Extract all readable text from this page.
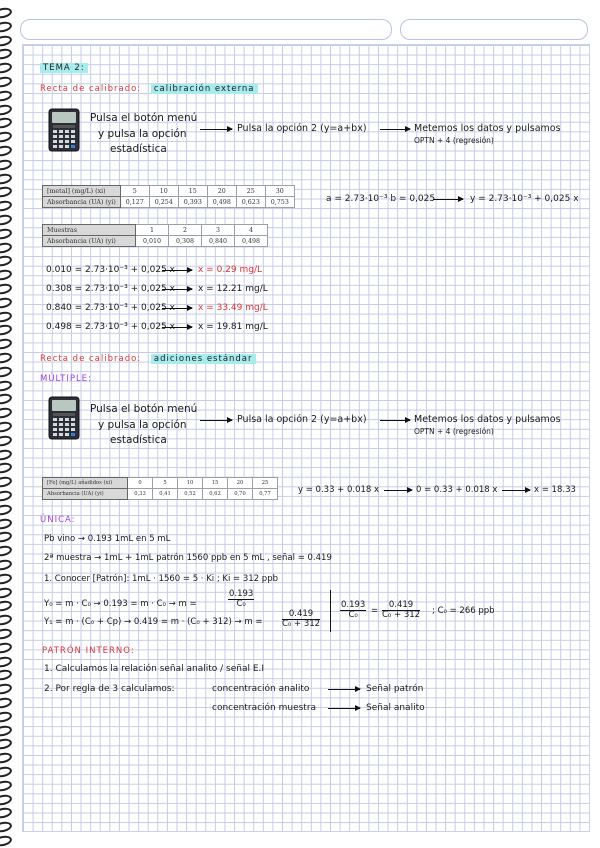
TEMA 2:
Recta de calibrado: calibración externa
Pulsa el botón menú
y pulsa la opción
estadística
Pulsa la opción 2 (y=a+bx)	Metemos los datos y pulsamos
OPTN + 4 (regresión)
[metal] (mg/L) (xi)	5	10	15	20	25	30
Absorbancia (UA) (yi)	0,127	0,254	0,393	0,498	0,623	0,753	a = 2.73·10⁻³ b = 0,025	y = 2.73·10⁻³ + 0,025 x
Muestras	1	2	3	4
Absorbancia (UA) (yi)	0,010	0,308	0,840	0,498
0.010 = 2.73·10⁻³ + 0,025 x	x = 0.29 mg/L
0.308 = 2.73·10⁻³ + 0,025 x	x = 12.21 mg/L
0.840 = 2.73·10⁻³ + 0,025 x	x = 33.49 mg/L
0.498 = 2.73·10⁻³ + 0,025 x	x = 19.81 mg/L
Recta de calibrado: adiciones estándar
MÚLTIPLE:
Pulsa el botón menú
y pulsa la opción
estadística
Pulsa la opción 2 (y=a+bx)	Metemos los datos y pulsamos
OPTN + 4 (regresión)
[Fe] (mg/L) añadidos (xi)	0	5	10	15	20	25
Absorbancia (UA) (yi)	0,33	0,41	0,52	0,62	0,70	0,77	y = 0.33 + 0.018 x	0 = 0.33 + 0.018 x	x = 18.33
ÚNICA:
Pb vino → 0.193 1mL en 5 mL
2ª muestra → 1mL + 1mL patrón 1560 ppb en 5 mL , señal = 0.419
1. Conocer [Patrón]: 1mL · 1560 = 5 · Ki ; Ki = 312 ppb
Y₀ = m · C₀ → 0.193 = m · C₀ → m =	$\frac{0.193}{\text{C₀}}$
$Y_1 = m \cdot (C_0 + Cp) \to 0.419 = m \cdot (C_0 + 312) \to m = \frac{0.419}{\text{C₀ + 312}} \frac{0.193}{\text{C₀}} = \frac{0.419}{\text{C₀ + 312}}$ ; C₀ = 266 ppb
PATRÓN INTERNO:
1. Calculamos la relación señal analito / señal E.I
2. Por regla de 3 calculamos:	concentración analito	Señal patrón
concentración muestra	Señal analito
